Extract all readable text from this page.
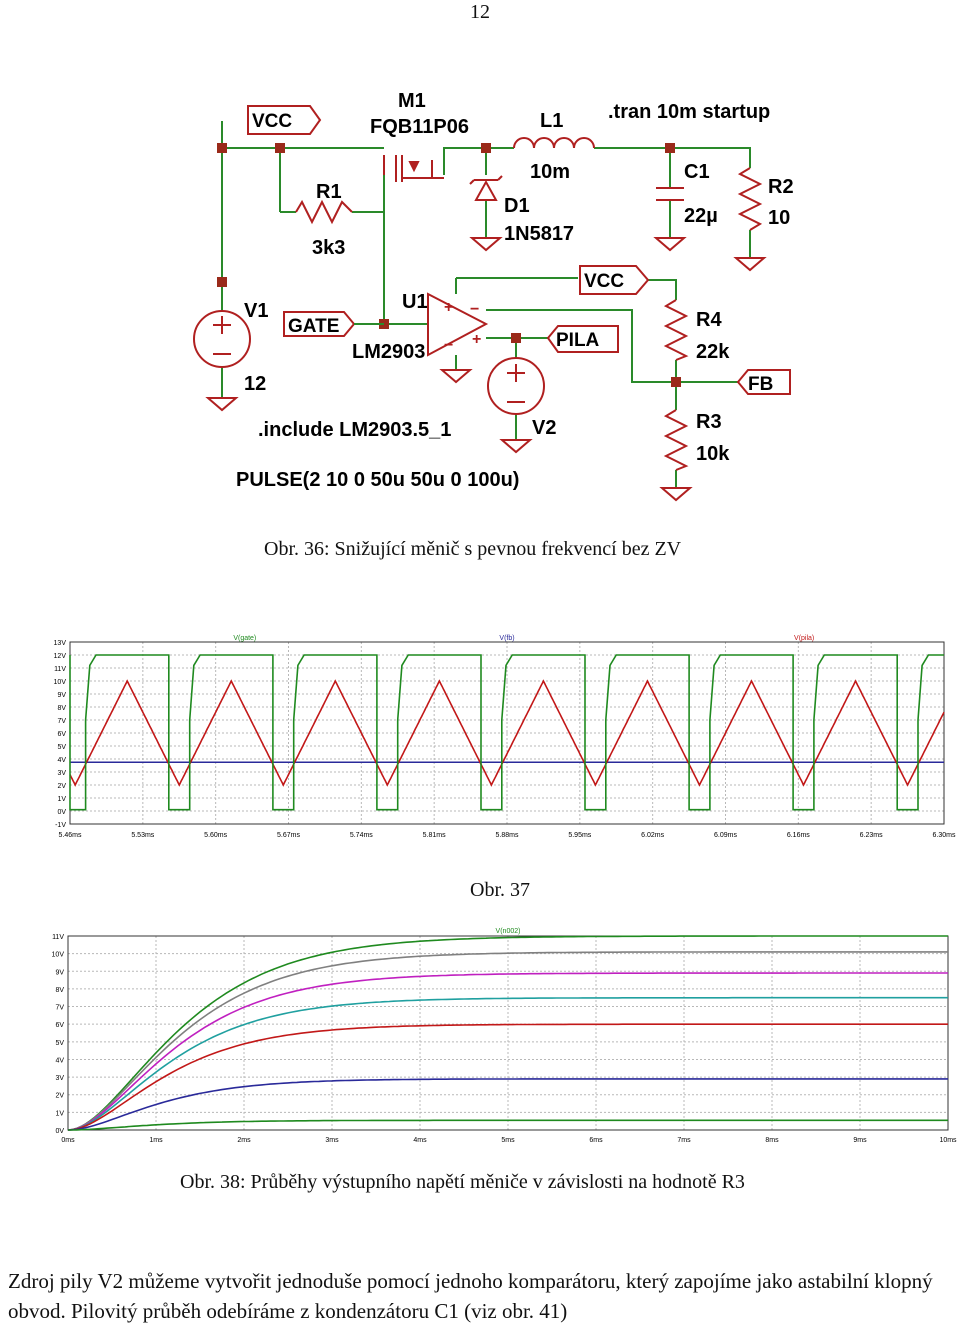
12
VCC
M1
FQB11P06	L1 .tran 10m startup
10m
R1
3k3
D1
1N5817
C1
22µ
R2
10
VCC
V1
GATE
U1
LM2903
+ −
− +	PILA
R4
22k
FB
12
.include LM2903.5_1	V2	R3
10k
PULSE(2 10 0 50u 50u 0 100u)
Obr. 36: Snižující měnič s pevnou frekvencí bez ZV
5.46ms	5.53ms	5.60ms	5.67ms	5.74ms	5.81ms	5.88ms	5.95ms	6.02ms	6.09ms	6.16ms	6.23ms	6.30ms
-1V
0V
1V
2V
3V
4V
5V
6V
7V
8V
9V
10V
11V
12V
13V
V(gate)	V(fb)	V(pila)
Obr. 37
0ms	1ms	2ms	3ms	4ms	5ms	6ms	7ms	8ms	9ms	10ms
0V
1V
2V
3V
4V
5V
6V
7V
8V
9V
10V
11V
V(n002)
Obr. 38: Průběhy výstupního napětí měniče v závislosti na hodnotě R3
Zdroj pily V2 můžeme vytvořit jednoduše pomocí jednoho komparátoru, který zapojíme jako astabilní klopný obvod. Pilovitý průběh odebíráme z kondenzátoru C1 (viz obr. 41)
